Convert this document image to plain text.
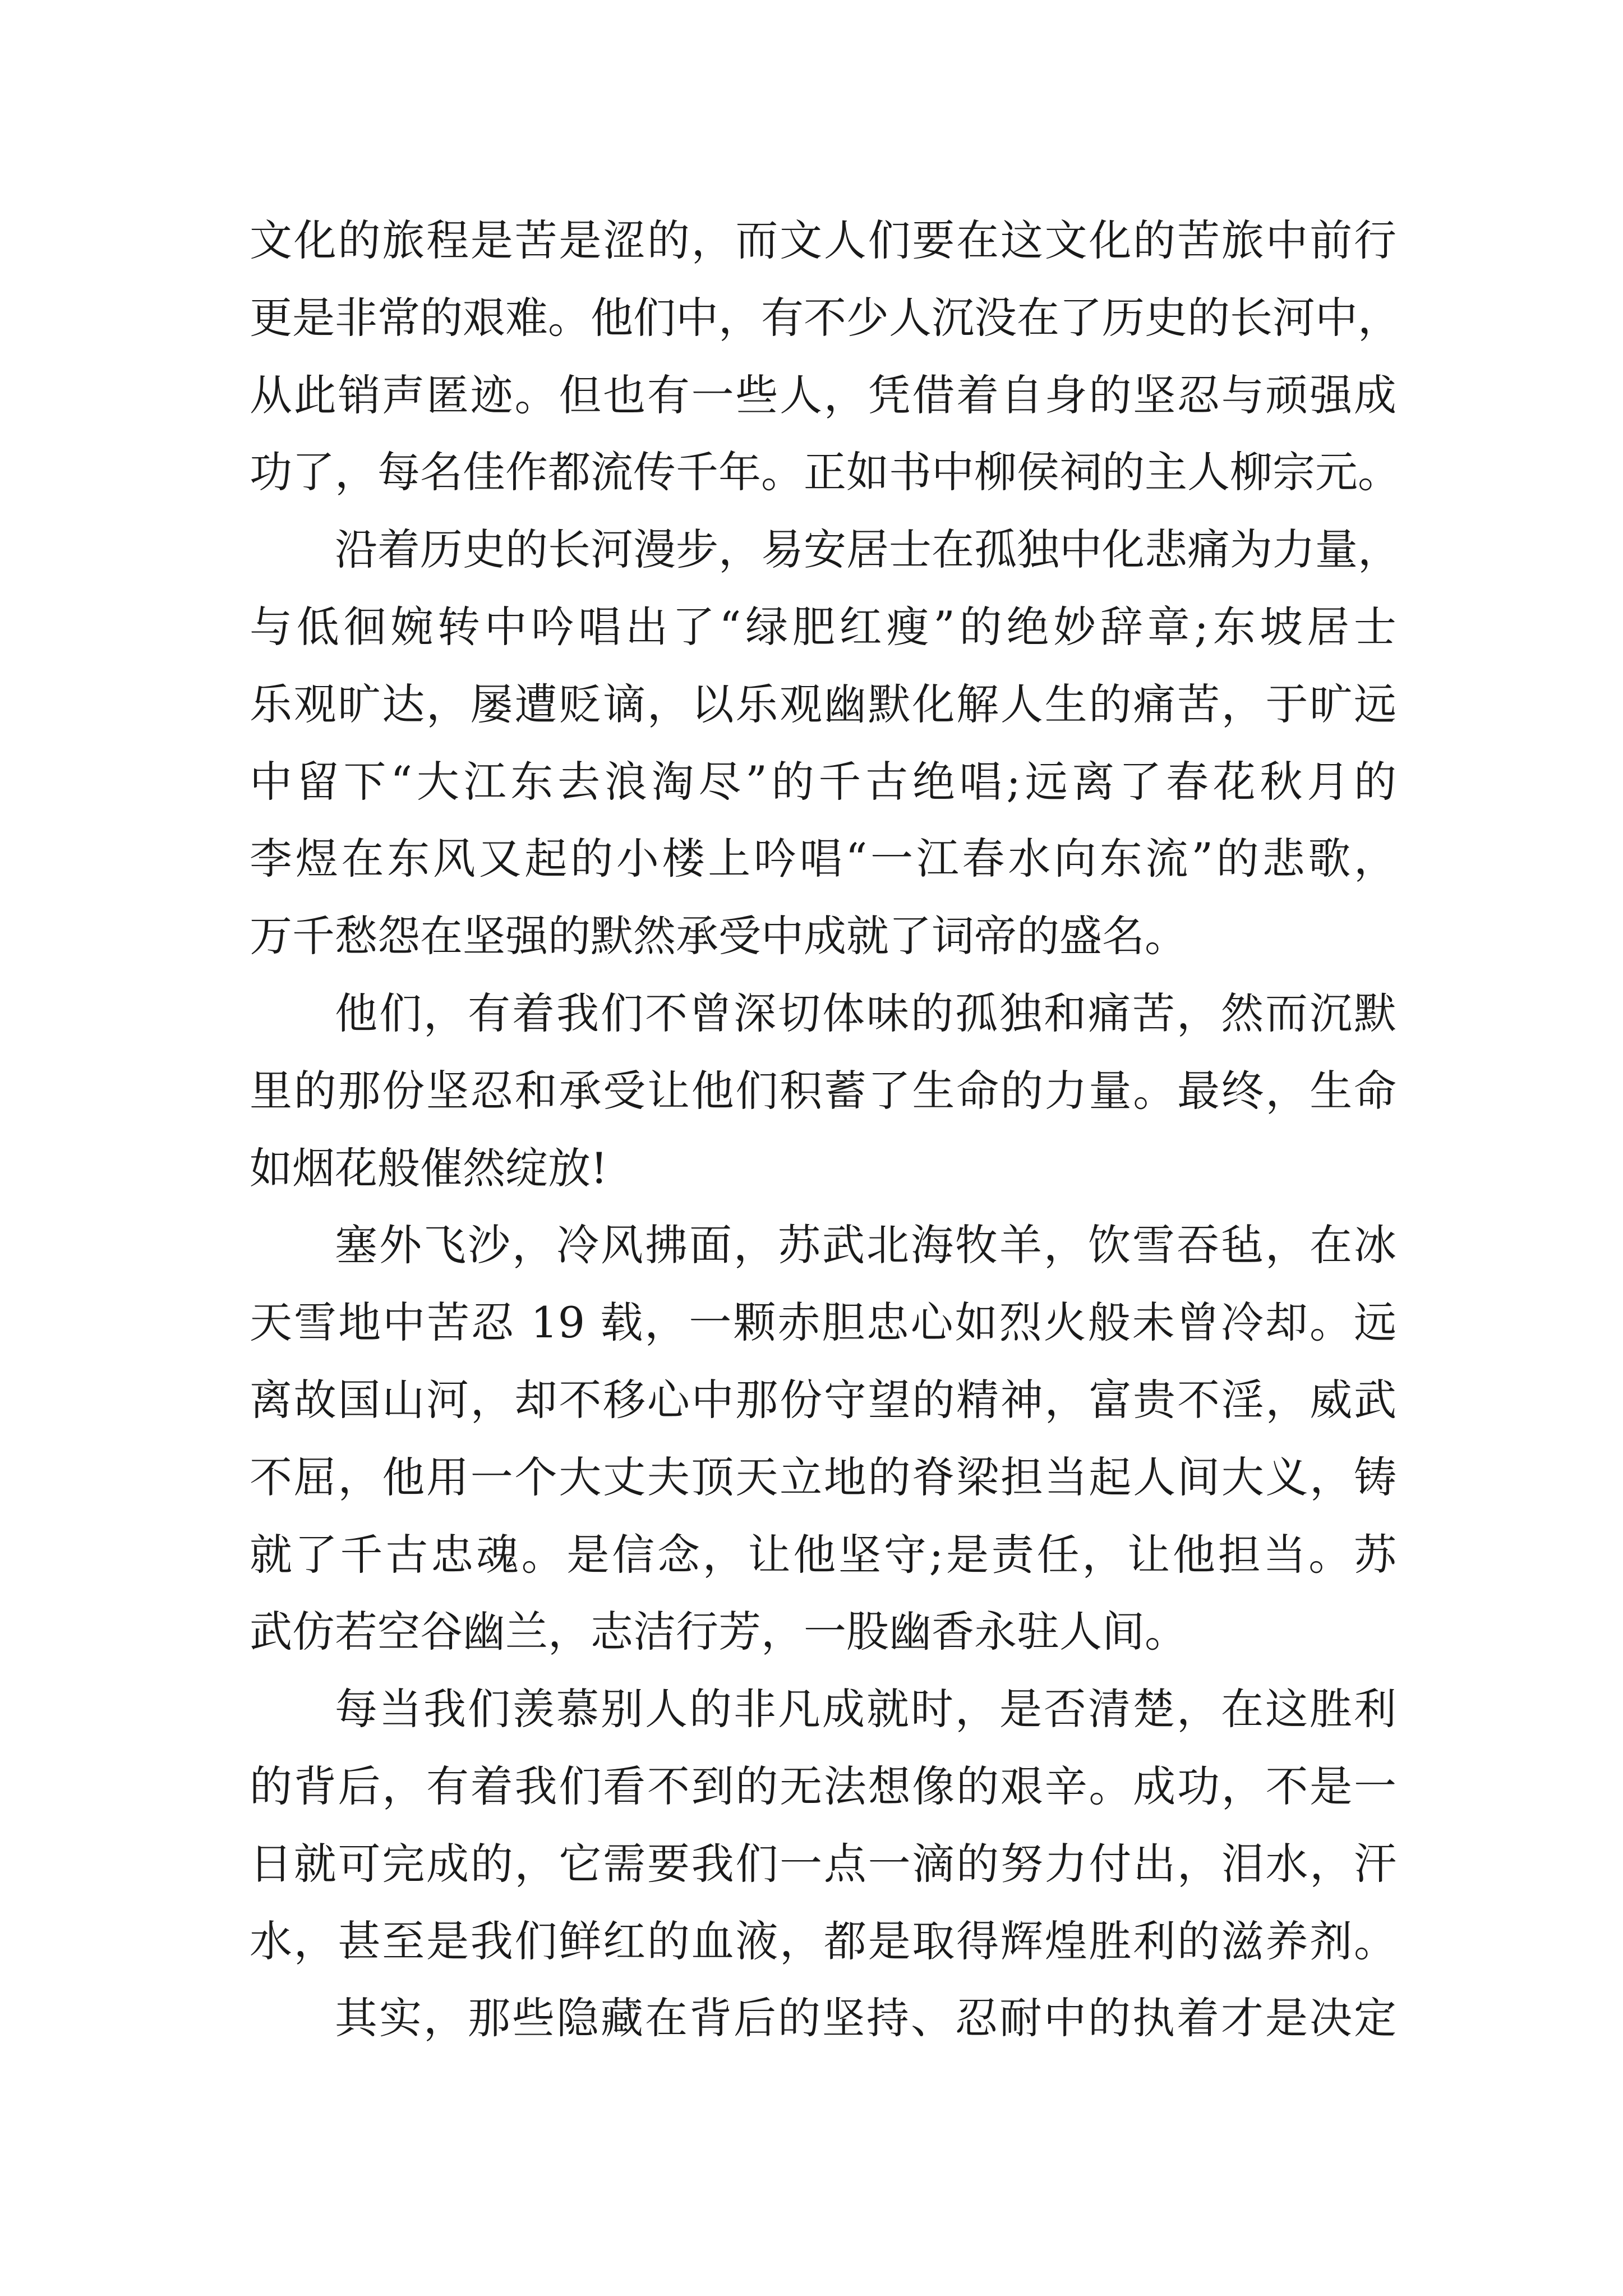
文化的旅程是苦是涩的，而文人们要在这文化的苦旅中前行
更是非常的艰难。他们中，有不少人沉没在了历史的长河中，
从此销声匿迹。但也有一些人，凭借着自身的坚忍与顽强成
功了，每名佳作都流传千年。正如书中柳侯祠的主人柳宗元。
沿着历史的长河漫步，易安居士在孤独中化悲痛为力量，
与低徊婉转中吟唱出了“绿肥红瘦”的绝妙辞章;东坡居士
乐观旷达，屡遭贬谪，以乐观幽默化解人生的痛苦，于旷远
中留下“大江东去浪淘尽”的千古绝唱;远离了春花秋月的
李煜在东风又起的小楼上吟唱“一江春水向东流”的悲歌，
万千愁怨在坚强的默然承受中成就了词帝的盛名。
他们，有着我们不曾深切体味的孤独和痛苦，然而沉默
里的那份坚忍和承受让他们积蓄了生命的力量。最终，生命
如烟花般催然绽放!
塞外飞沙，冷风拂面，苏武北海牧羊，饮雪吞毡，在冰
天雪地中苦忍 19 载，一颗赤胆忠心如烈火般未曾冷却。远
离故国山河，却不移心中那份守望的精神，富贵不淫，威武
不屈，他用一个大丈夫顶天立地的脊梁担当起人间大义，铸
就了千古忠魂。是信念，让他坚守;是责任，让他担当。苏
武仿若空谷幽兰，志洁行芳，一股幽香永驻人间。
每当我们羡慕别人的非凡成就时，是否清楚，在这胜利
的背后，有着我们看不到的无法想像的艰辛。成功，不是一
日就可完成的，它需要我们一点一滴的努力付出，泪水，汗
水，甚至是我们鲜红的血液，都是取得辉煌胜利的滋养剂。
其实，那些隐藏在背后的坚持、忍耐中的执着才是决定
